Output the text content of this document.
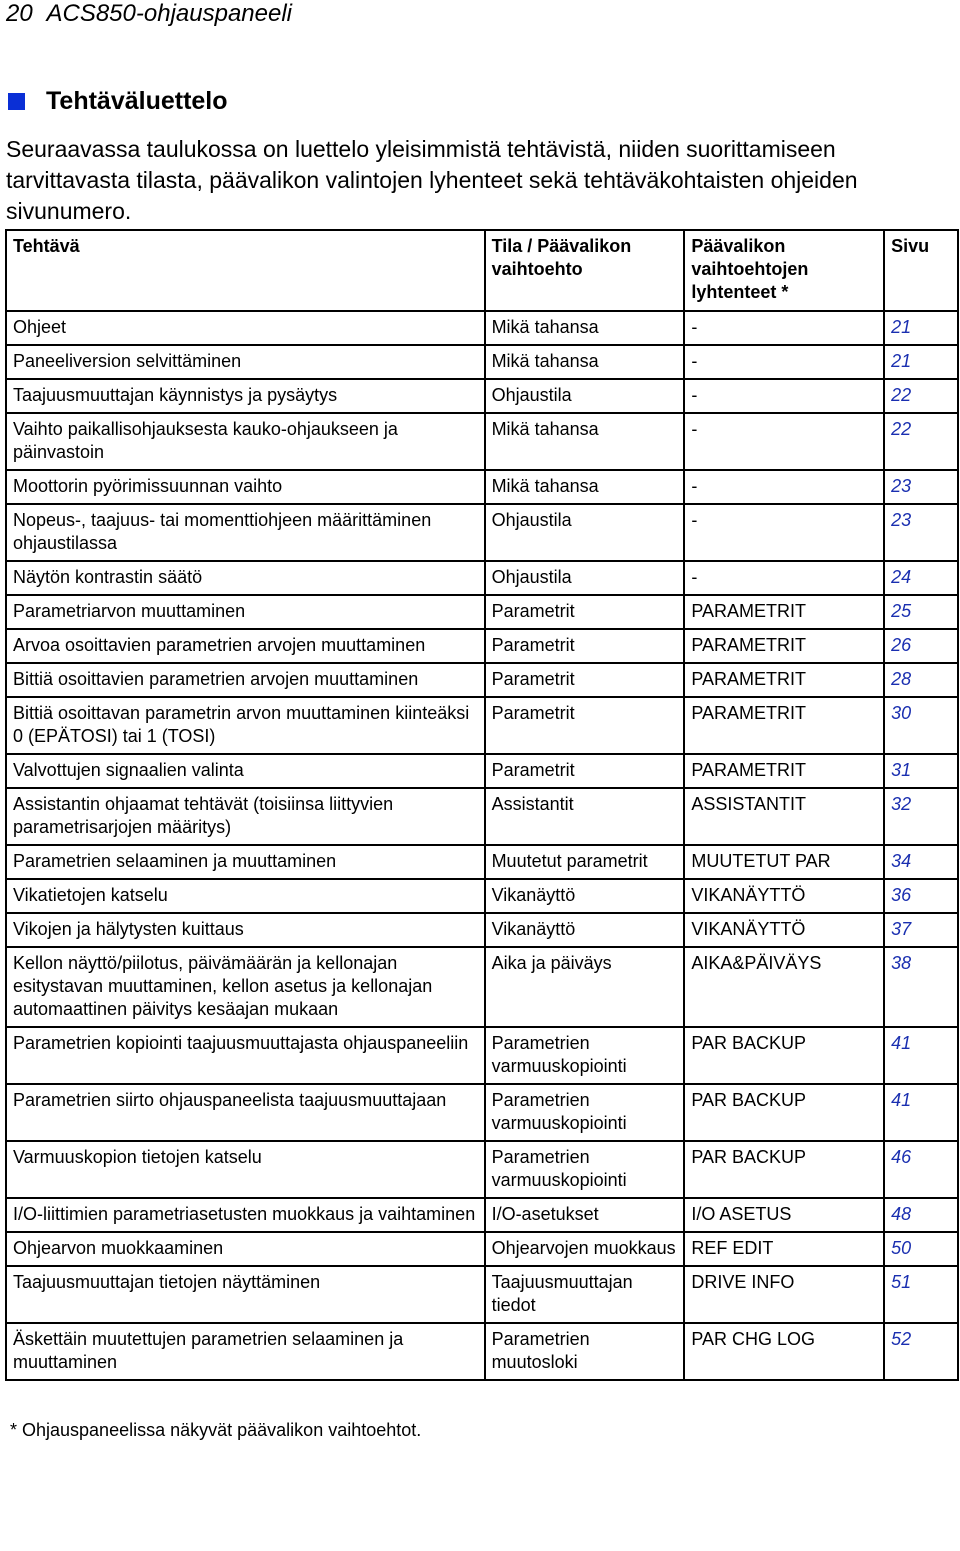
20 ACS850-ohjauspaneeli
Tehtäväluettelo
Seuraavassa taulukossa on luettelo yleisimmistä tehtävistä, niiden suorittamiseen tarvittavasta tilasta, päävalikon valintojen lyhenteet sekä tehtäväkohtaisten ohjeiden sivunumero.
Tehtävä	Tila / Päävalikon vaihtoehto	Päävalikon vaihtoehtojen lyhtenteet *	Sivu
Ohjeet	Mikä tahansa	-	21
Paneeliversion selvittäminen	Mikä tahansa	-	21
Taajuusmuuttajan käynnistys ja pysäytys	Ohjaustila	-	22
Vaihto paikallisohjauksesta kauko-ohjaukseen ja päinvastoin	Mikä tahansa	-	22
Moottorin pyörimissuunnan vaihto	Mikä tahansa	-	23
Nopeus-, taajuus- tai momenttiohjeen määrittäminen ohjaustilassa	Ohjaustila	-	23
Näytön kontrastin säätö	Ohjaustila	-	24
Parametriarvon muuttaminen	Parametrit	PARAMETRIT	25
Arvoa osoittavien parametrien arvojen muuttaminen	Parametrit	PARAMETRIT	26
Bittiä osoittavien parametrien arvojen muuttaminen	Parametrit	PARAMETRIT	28
Bittiä osoittavan parametrin arvon muuttaminen kiinteäksi 0 (EPÄTOSI) tai 1 (TOSI)	Parametrit	PARAMETRIT	30
Valvottujen signaalien valinta	Parametrit	PARAMETRIT	31
Assistantin ohjaamat tehtävät (toisiinsa liittyvien parametrisarjojen määritys)	Assistantit	ASSISTANTIT	32
Parametrien selaaminen ja muuttaminen	Muutetut parametrit	MUUTETUT PAR	34
Vikatietojen katselu	Vikanäyttö	VIKANÄYTTÖ	36
Vikojen ja hälytysten kuittaus	Vikanäyttö	VIKANÄYTTÖ	37
Kellon näyttö/piilotus, päivämäärän ja kellonajan esitystavan muuttaminen, kellon asetus ja kellonajan automaattinen päivitys kesäajan mukaan	Aika ja päiväys	AIKA&PÄIVÄYS	38
Parametrien kopiointi taajuusmuuttajasta ohjauspaneeliin	Parametrien varmuuskopiointi	PAR BACKUP	41
Parametrien siirto ohjauspaneelista taajuusmuuttajaan	Parametrien varmuuskopiointi	PAR BACKUP	41
Varmuuskopion tietojen katselu	Parametrien varmuuskopiointi	PAR BACKUP	46
I/O-liittimien parametriasetusten muokkaus ja vaihtaminen	I/O-asetukset	I/O ASETUS	48
Ohjearvon muokkaaminen	Ohjearvojen muokkaus	REF EDIT	50
Taajuusmuuttajan tietojen näyttäminen	Taajuusmuuttajan tiedot	DRIVE INFO	51
Äskettäin muutettujen parametrien selaaminen ja muuttaminen	Parametrien muutosloki	PAR CHG LOG	52
* Ohjauspaneelissa näkyvät päävalikon vaihtoehtot.
